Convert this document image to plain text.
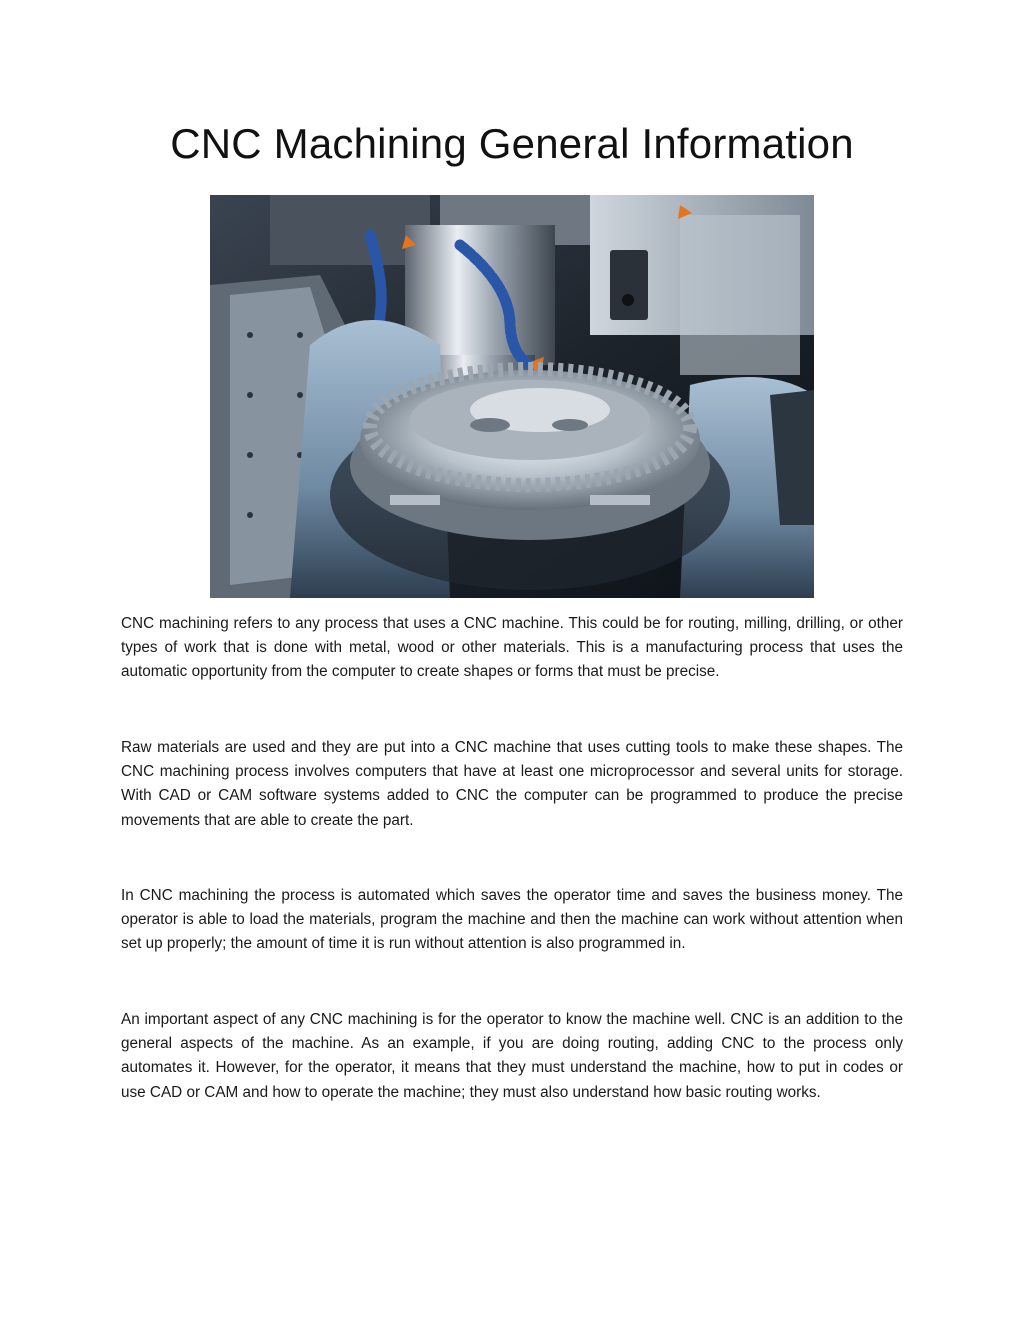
CNC Machining General Information

CNC machining refers to any process that uses a CNC machine. This could be for routing, milling, drilling, or other types of work that is done with metal, wood or other materials. This is a manufacturing process that uses the automatic opportunity from the computer to create shapes or forms that must be precise.

Raw materials are used and they are put into a CNC machine that uses cutting tools to make these shapes. The CNC machining process involves computers that have at least one microprocessor and several units for storage. With CAD or CAM software systems added to CNC the computer can be programmed to produce the precise movements that are able to create the part.

In CNC machining the process is automated which saves the operator time and saves the business money. The operator is able to load the materials, program the machine and then the machine can work without attention when set up properly; the amount of time it is run without attention is also programmed in.

An important aspect of any CNC machining is for the operator to know the machine well. CNC is an addition to the general aspects of the machine. As an example, if you are doing routing, adding CNC to the process only automates it. However, for the operator, it means that they must understand the machine, how to put in codes or use CAD or CAM and how to operate the machine; they must also understand how basic routing works.
